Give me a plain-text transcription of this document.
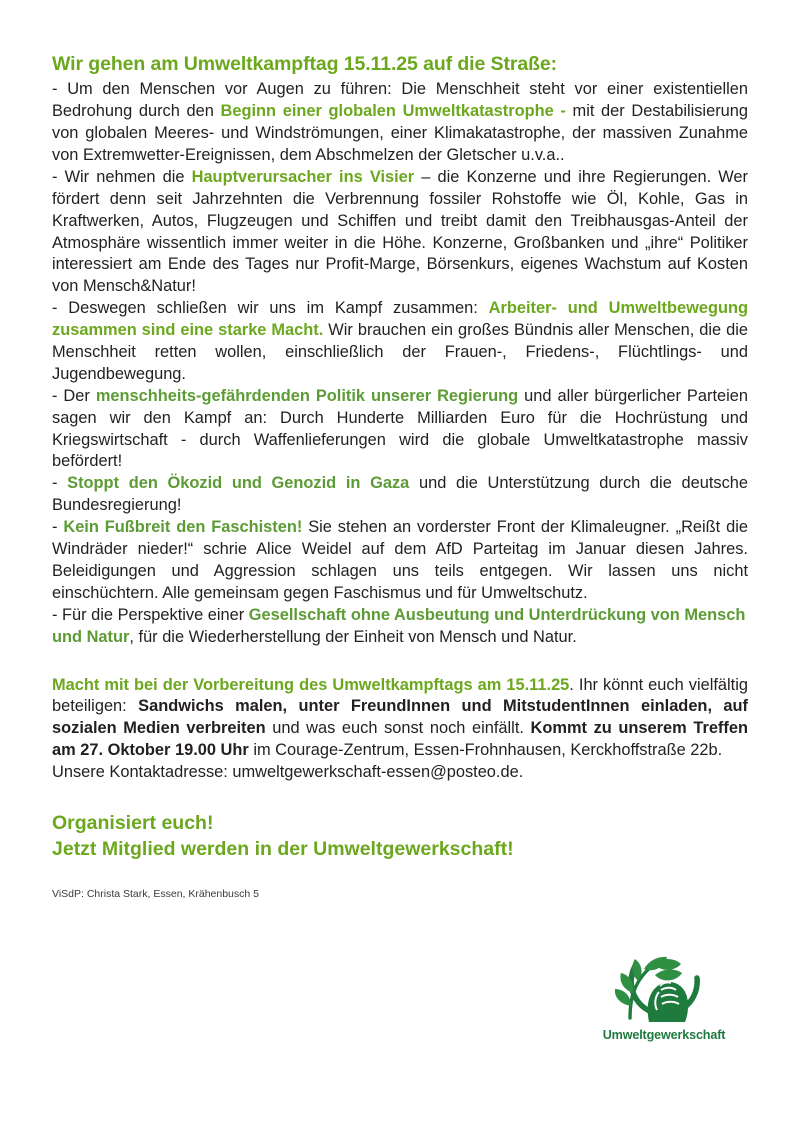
Wir gehen am Umweltkampftag 15.11.25 auf die Straße:

- Um den Menschen vor Augen zu führen: Die Menschheit steht vor einer existentiellen Bedrohung durch den Beginn einer globalen Umweltkatastrophe - mit der Destabilisierung von globalen Meeres- und Windströmungen, einer Klimakatastrophe, der massiven Zunahme von Extremwetter-Ereignissen, dem Abschmelzen der Gletscher u.v.a..

- Wir nehmen die Hauptverursacher ins Visier – die Konzerne und ihre Regierungen. Wer fördert denn seit Jahrzehnten die Verbrennung fossiler Rohstoffe wie Öl, Kohle, Gas in Kraftwerken, Autos, Flugzeugen und Schiffen und treibt damit den Treibhausgas-Anteil der Atmosphäre wissentlich immer weiter in die Höhe. Konzerne, Großbanken und „ihre“ Politiker interessiert am Ende des Tages nur Profit-Marge, Börsenkurs, eigenes Wachstum auf Kosten von Mensch&Natur!

- Deswegen schließen wir uns im Kampf zusammen: Arbeiter- und Umweltbewegung zusammen sind eine starke Macht. Wir brauchen ein großes Bündnis aller Menschen, die die Menschheit retten wollen, einschließlich der Frauen-, Friedens-, Flüchtlings- und Jugendbewegung.

- Der menschheits-gefährdenden Politik unserer Regierung und aller bürgerlicher Parteien sagen wir den Kampf an: Durch Hunderte Milliarden Euro für die Hochrüstung und Kriegswirtschaft - durch Waffenlieferungen wird die globale Umweltkatastrophe massiv befördert!

- Stoppt den Ökozid und Genozid in Gaza und die Unterstützung durch die deutsche Bundesregierung!

- Kein Fußbreit den Faschisten! Sie stehen an vorderster Front der Klimaleugner. „Reißt die Windräder nieder!“ schrie Alice Weidel auf dem AfD Parteitag im Januar diesen Jahres. Beleidigungen und Aggression schlagen uns teils entgegen. Wir lassen uns nicht einschüchtern. Alle gemeinsam gegen Faschismus und für Umweltschutz.

- Für die Perspektive einer Gesellschaft ohne Ausbeutung und Unterdrückung von Mensch und Natur, für die Wiederherstellung der Einheit von Mensch und Natur.

Macht mit bei der Vorbereitung des Umweltkampftags am 15.11.25. Ihr könnt euch vielfältig beteiligen: Sandwichs malen, unter FreundInnen und MitstudentInnen einladen, auf sozialen Medien verbreiten und was euch sonst noch einfällt. Kommt zu unserem Treffen am 27. Oktober 19.00 Uhr im Courage-Zentrum, Essen-Frohnhausen, Kerckhoffstraße 22b.

Unsere Kontaktadresse: umweltgewerkschaft-essen@posteo.de.

Organisiert euch!
Jetzt Mitglied werden in der Umweltgewerkschaft!

ViSdP: Christa Stark, Essen, Krähenbusch 5

Umweltgewerkschaft
